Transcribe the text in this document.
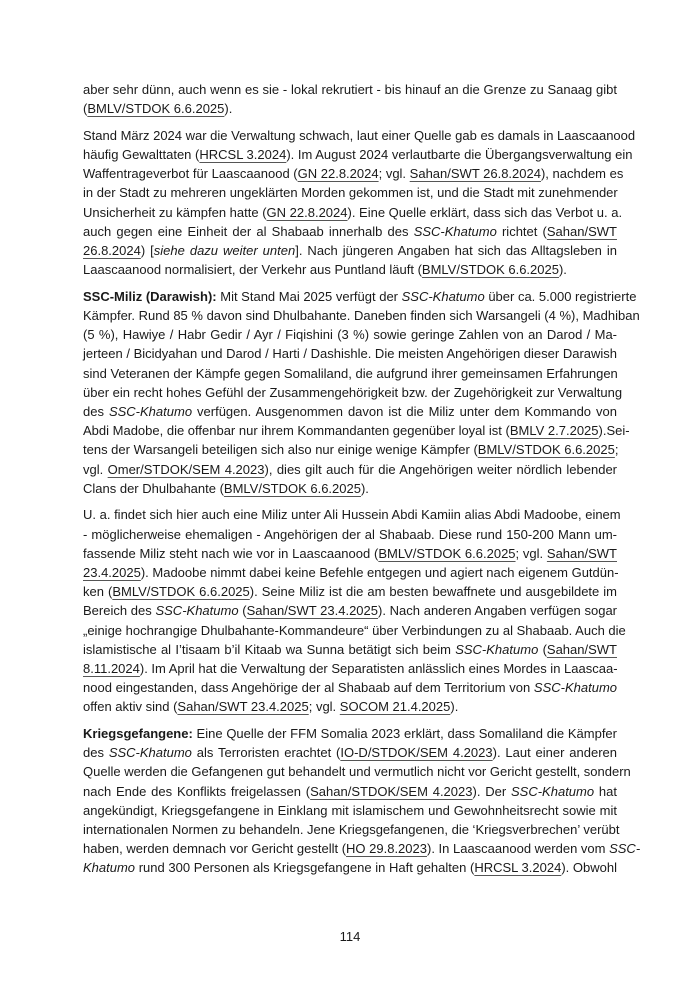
aber sehr dünn, auch wenn es sie - lokal rekrutiert - bis hinauf an die Grenze zu Sanaag gibt
(BMLV/STDOK 6.6.2025).
Stand März 2024 war die Verwaltung schwach, laut einer Quelle gab es damals in Laascaanood
häufig Gewalttaten (HRCSL 3.2024). Im August 2024 verlautbarte die Übergangsverwaltung ein
Waffentrageverbot für Laascaanood (GN 22.8.2024; vgl. Sahan/SWT 26.8.2024), nachdem es
in der Stadt zu mehreren ungeklärten Morden gekommen ist, und die Stadt mit zunehmender
Unsicherheit zu kämpfen hatte (GN 22.8.2024). Eine Quelle erklärt, dass sich das Verbot u. a.
auch gegen eine Einheit der al Shabaab innerhalb des SSC-Khatumo richtet (Sahan/SWT
26.8.2024) [siehe dazu weiter unten]. Nach jüngeren Angaben hat sich das Alltagsleben in
Laascaanood normalisiert, der Verkehr aus Puntland läuft (BMLV/STDOK 6.6.2025).
SSC-Miliz (Darawish): Mit Stand Mai 2025 verfügt der SSC-Khatumo über ca. 5.000 registrierte
Kämpfer. Rund 85 % davon sind Dhulbahante. Daneben finden sich Warsangeli (4 %), Madhiban
(5 %), Hawiye / Habr Gedir / Ayr / Fiqishini (3 %) sowie geringe Zahlen von an Darod / Ma-
jerteen / Bicidyahan und Darod / Harti / Dashishle. Die meisten Angehörigen dieser Darawish
sind Veteranen der Kämpfe gegen Somaliland, die aufgrund ihrer gemeinsamen Erfahrungen
über ein recht hohes Gefühl der Zusammengehörigkeit bzw. der Zugehörigkeit zur Verwaltung
des SSC-Khatumo verfügen. Ausgenommen davon ist die Miliz unter dem Kommando von
Abdi Madobe, die offenbar nur ihrem Kommandanten gegenüber loyal ist (BMLV 2.7.2025).Sei-
tens der Warsangeli beteiligen sich also nur einige wenige Kämpfer (BMLV/STDOK 6.6.2025;
vgl. Omer/STDOK/SEM 4.2023), dies gilt auch für die Angehörigen weiter nördlich lebender
Clans der Dhulbahante (BMLV/STDOK 6.6.2025).
U. a. findet sich hier auch eine Miliz unter Ali Hussein Abdi Kamiin alias Abdi Madoobe, einem
- möglicherweise ehemaligen - Angehörigen der al Shabaab. Diese rund 150-200 Mann um-
fassende Miliz steht nach wie vor in Laascaanood (BMLV/STDOK 6.6.2025; vgl. Sahan/SWT
23.4.2025). Madoobe nimmt dabei keine Befehle entgegen und agiert nach eigenem Gutdün-
ken (BMLV/STDOK 6.6.2025). Seine Miliz ist die am besten bewaffnete und ausgebildete im
Bereich des SSC-Khatumo (Sahan/SWT 23.4.2025). Nach anderen Angaben verfügen sogar
„einige hochrangige Dhulbahante-Kommandeure“ über Verbindungen zu al Shabaab. Auch die
islamistische al I’tisaam b’il Kitaab wa Sunna betätigt sich beim SSC-Khatumo (Sahan/SWT
8.11.2024). Im April hat die Verwaltung der Separatisten anlässlich eines Mordes in Laascaa-
nood eingestanden, dass Angehörige der al Shabaab auf dem Territorium von SSC-Khatumo
offen aktiv sind (Sahan/SWT 23.4.2025; vgl. SOCOM 21.4.2025).
Kriegsgefangene: Eine Quelle der FFM Somalia 2023 erklärt, dass Somaliland die Kämpfer
des SSC-Khatumo als Terroristen erachtet (IO-D/STDOK/SEM 4.2023). Laut einer anderen
Quelle werden die Gefangenen gut behandelt und vermutlich nicht vor Gericht gestellt, sondern
nach Ende des Konflikts freigelassen (Sahan/STDOK/SEM 4.2023). Der SSC-Khatumo hat
angekündigt, Kriegsgefangene in Einklang mit islamischem und Gewohnheitsrecht sowie mit
internationalen Normen zu behandeln. Jene Kriegsgefangenen, die ‘Kriegsverbrechen’ verübt
haben, werden demnach vor Gericht gestellt (HO 29.8.2023). In Laascaanood werden vom SSC-
Khatumo rund 300 Personen als Kriegsgefangene in Haft gehalten (HRCSL 3.2024). Obwohl
114
